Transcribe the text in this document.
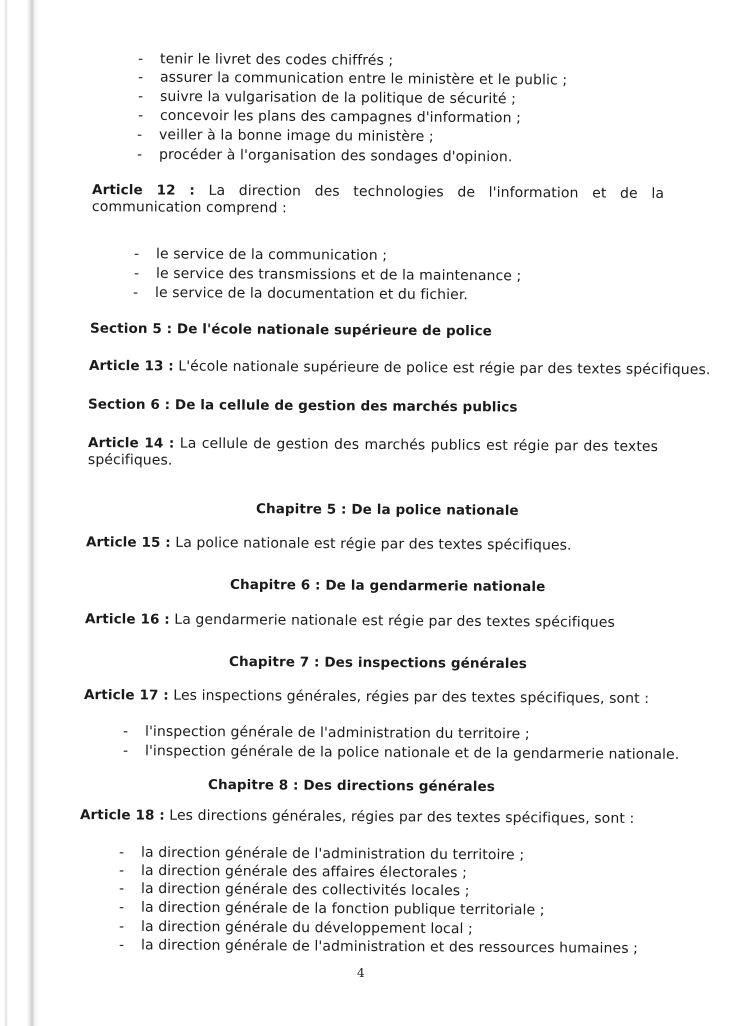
- tenir le livret des codes chiffrés ;
- assurer la communication entre le ministère et le public ;
- suivre la vulgarisation de la politique de sécurité ;
- concevoir les plans des campagnes d'information ;
- veiller à la bonne image du ministère ;
- procéder à l'organisation des sondages d'opinion.
Article 12 : La direction des technologies de l'information et de la communication comprend :
- le service de la communication ;
- le service des transmissions et de la maintenance ;
- le service de la documentation et du fichier.
Section 5 : De l'école nationale supérieure de police
Article 13 : L'école nationale supérieure de police est régie par des textes spécifiques.
Section 6 : De la cellule de gestion des marchés publics
Article 14 : La cellule de gestion des marchés publics est régie par des textes spécifiques.
Chapitre 5 : De la police nationale
Article 15 : La police nationale est régie par des textes spécifiques.
Chapitre 6 : De la gendarmerie nationale
Article 16 : La gendarmerie nationale est régie par des textes spécifiques
Chapitre 7 : Des inspections générales
Article 17 : Les inspections générales, régies par des textes spécifiques, sont :
- l'inspection générale de l'administration du territoire ;
- l'inspection générale de la police nationale et de la gendarmerie nationale.
Chapitre 8 : Des directions générales
Article 18 : Les directions générales, régies par des textes spécifiques, sont :
- la direction générale de l'administration du territoire ;
- la direction générale des affaires électorales ;
- la direction générale des collectivités locales ;
- la direction générale de la fonction publique territoriale ;
- la direction générale du développement local ;
- la direction générale de l'administration et des ressources humaines ;
4
